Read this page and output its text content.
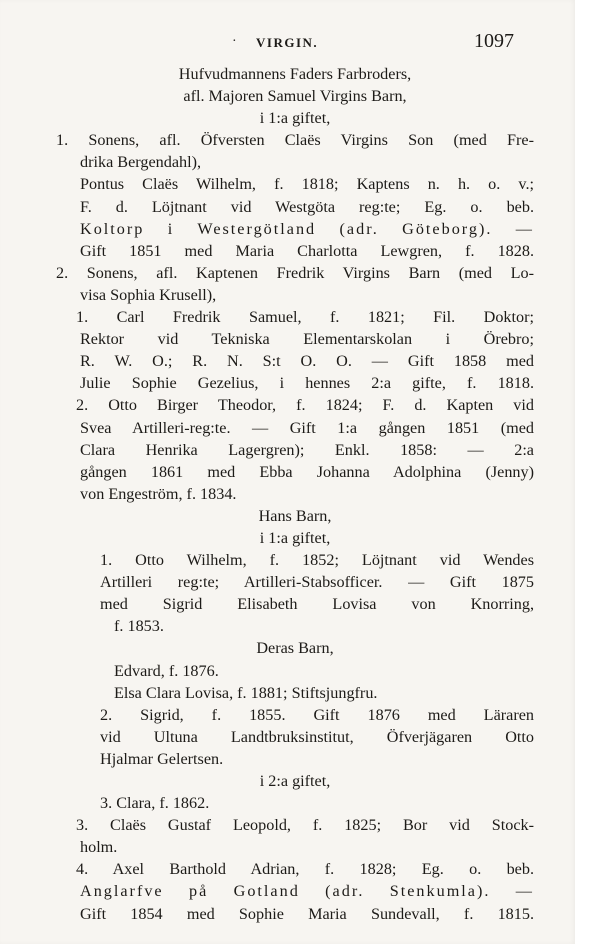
· VIRGIN.	1097
Hufvudmannens Faders Farbroders,
afl. Majoren Samuel Virgins Barn,
i 1:a giftet,
1. Sonens, afl. Öfversten Claës Virgins Son (med Fre-
drika Bergendahl),
Pontus Claës Wilhelm, f. 1818; Kaptens n. h. o. v.;
F. d. Löjtnant vid Westgöta reg:te; Eg. o. beb.
Koltorp i Westergötland (adr. Göteborg). —
Gift 1851 med Maria Charlotta Lewgren, f. 1828.
2. Sonens, afl. Kaptenen Fredrik Virgins Barn (med Lo-
visa Sophia Krusell),
1. Carl Fredrik Samuel, f. 1821; Fil. Doktor;
Rektor vid Tekniska Elementarskolan i Örebro;
R. W. O.; R. N. S:t O. O. — Gift 1858 med
Julie Sophie Gezelius, i hennes 2:a gifte, f. 1818.
2. Otto Birger Theodor, f. 1824; F. d. Kapten vid
Svea Artilleri-reg:te. — Gift 1:a gången 1851 (med
Clara Henrika Lagergren); Enkl. 1858: — 2:a
gången 1861 med Ebba Johanna Adolphina (Jenny)
von Engeström, f. 1834.
Hans Barn,
i 1:a giftet,
1. Otto Wilhelm, f. 1852; Löjtnant vid Wendes
Artilleri reg:te; Artilleri-Stabsofficer. — Gift 1875
med Sigrid Elisabeth Lovisa von Knorring,
f. 1853.
Deras Barn,
Edvard, f. 1876.
Elsa Clara Lovisa, f. 1881; Stiftsjungfru.
2. Sigrid, f. 1855. Gift 1876 med Läraren
vid Ultuna Landtbruksinstitut, Öfverjägaren Otto
Hjalmar Gelertsen.
i 2:a giftet,
3. Clara, f. 1862.
3. Claës Gustaf Leopold, f. 1825; Bor vid Stock-
holm.
4. Axel Barthold Adrian, f. 1828; Eg. o. beb.
Anglarfve på Gotland (adr. Stenkumla). —
Gift 1854 med Sophie Maria Sundevall, f. 1815.
